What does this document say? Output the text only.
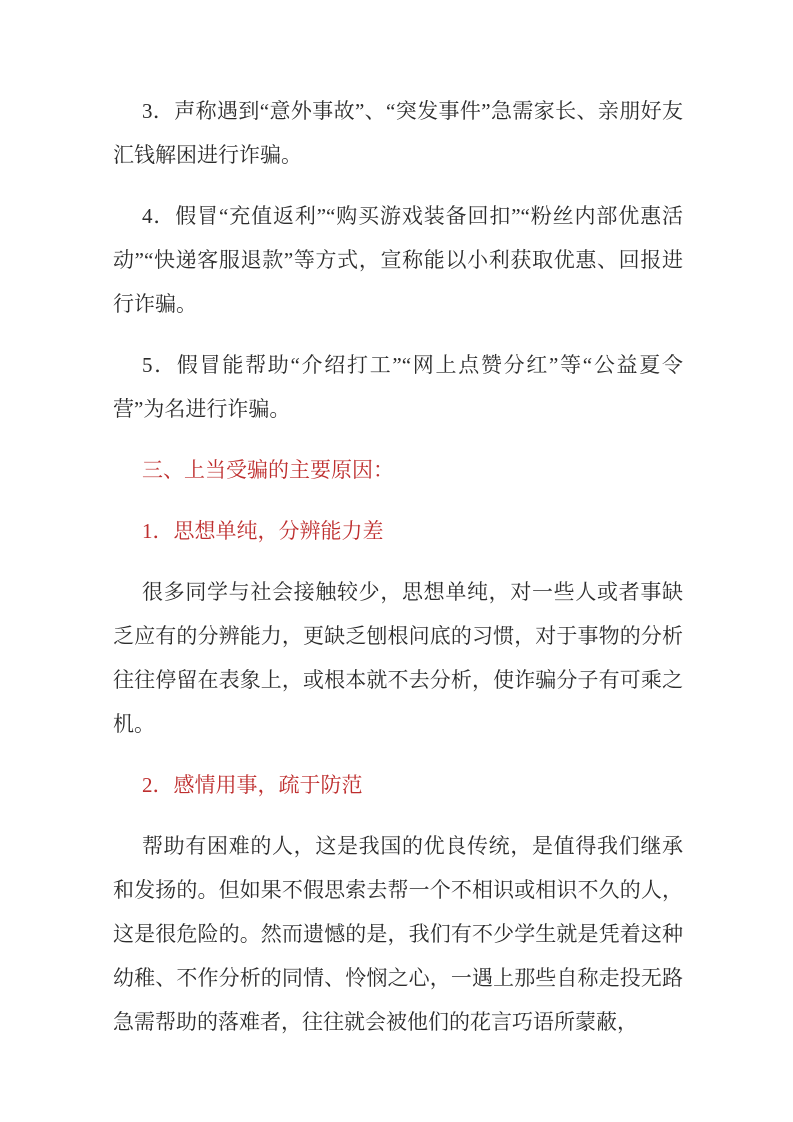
3．声称遇到“意外事故”、“突发事件”急需家长、亲朋好友汇钱解困进行诈骗。

4．假冒“充值返利”“购买游戏装备回扣”“粉丝内部优惠活动”“快递客服退款”等方式，宣称能以小利获取优惠、回报进行诈骗。

5．假冒能帮助“介绍打工”“网上点赞分红”等“公益夏令营”为名进行诈骗。

三、上当受骗的主要原因：

1．思想单纯，分辨能力差

很多同学与社会接触较少，思想单纯，对一些人或者事缺乏应有的分辨能力，更缺乏刨根问底的习惯，对于事物的分析往往停留在表象上，或根本就不去分析，使诈骗分子有可乘之机。

2．感情用事，疏于防范

帮助有困难的人，这是我国的优良传统，是值得我们继承和发扬的。但如果不假思索去帮一个不相识或相识不久的人，这是很危险的。然而遗憾的是，我们有不少学生就是凭着这种幼稚、不作分析的同情、怜悯之心，一遇上那些自称走投无路急需帮助的落难者，往往就会被他们的花言巧语所蒙蔽，
